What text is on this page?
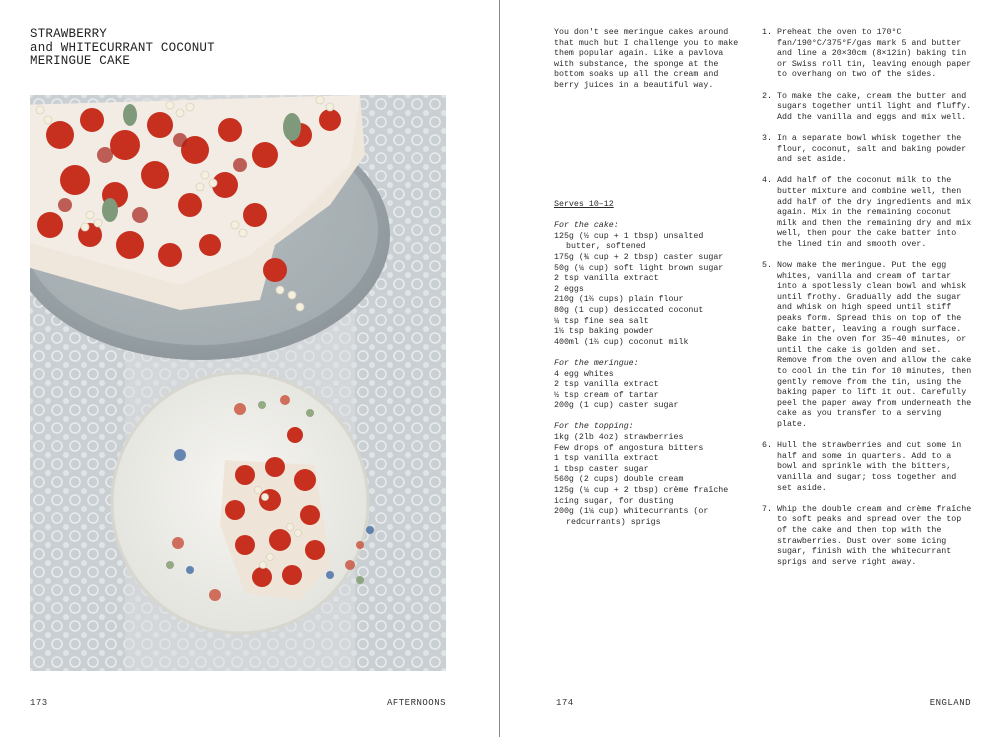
STRAWBERRY
and WHITECURRANT COCONUT
MERINGUE CAKE
173	AFTERNOONS
You don't see meringue cakes around that much but I challenge you to make them popular again. Like a pavlova with substance, the sponge at the bottom soaks up all the cream and berry juices in a beautiful way.
Serves 10–12
For the cake:
125g (½ cup + 1 tbsp) unsalted butter, softened
175g (¾ cup + 2 tbsp) caster sugar
50g (¼ cup) soft light brown sugar
2 tsp vanilla extract
2 eggs
210g (1⅔ cups) plain flour
80g (1 cup) desiccated coconut
¼ tsp fine sea salt
1½ tsp baking powder
400ml (1⅔ cup) coconut milk
For the meringue:
4 egg whites
2 tsp vanilla extract
½ tsp cream of tartar
200g (1 cup) caster sugar
For the topping:
1kg (2lb 4oz) strawberries
Few drops of angostura bitters
1 tsp vanilla extract
1 tbsp caster sugar
560g (2 cups) double cream
125g (¼ cup + 2 tbsp) crème fraîche
icing sugar, for dusting
200g (1¼ cup) whitecurrants (or redcurrants) sprigs
1. Preheat the oven to 170°C fan/190°C/375°F/gas mark 5 and butter and line a 20×30cm (8×12in) baking tin or Swiss roll tin, leaving enough paper to overhang on two of the sides.
2. To make the cake, cream the butter and sugars together until light and fluffy. Add the vanilla and eggs and mix well.
3. In a separate bowl whisk together the flour, coconut, salt and baking powder and set aside.
4. Add half of the coconut milk to the butter mixture and combine well, then add half of the dry ingredients and mix again. Mix in the remaining coconut milk and then the remaining dry and mix well, then pour the cake batter into the lined tin and smooth over.
5. Now make the meringue. Put the egg whites, vanilla and cream of tartar into a spotlessly clean bowl and whisk until frothy. Gradually add the sugar and whisk on high speed until stiff peaks form. Spread this on top of the cake batter, leaving a rough surface. Bake in the oven for 35–40 minutes, or until the cake is golden and set. Remove from the oven and allow the cake to cool in the tin for 10 minutes, then gently remove from the tin, using the baking paper to lift it out. Carefully peel the paper away from underneath the cake as you transfer to a serving plate.
6. Hull the strawberries and cut some in half and some in quarters. Add to a bowl and sprinkle with the bitters, vanilla and sugar; toss together and set aside.
7. Whip the double cream and crème fraîche to soft peaks and spread over the top of the cake and then top with the strawberries. Dust over some icing sugar, finish with the whitecurrant sprigs and serve right away.
174	ENGLAND
